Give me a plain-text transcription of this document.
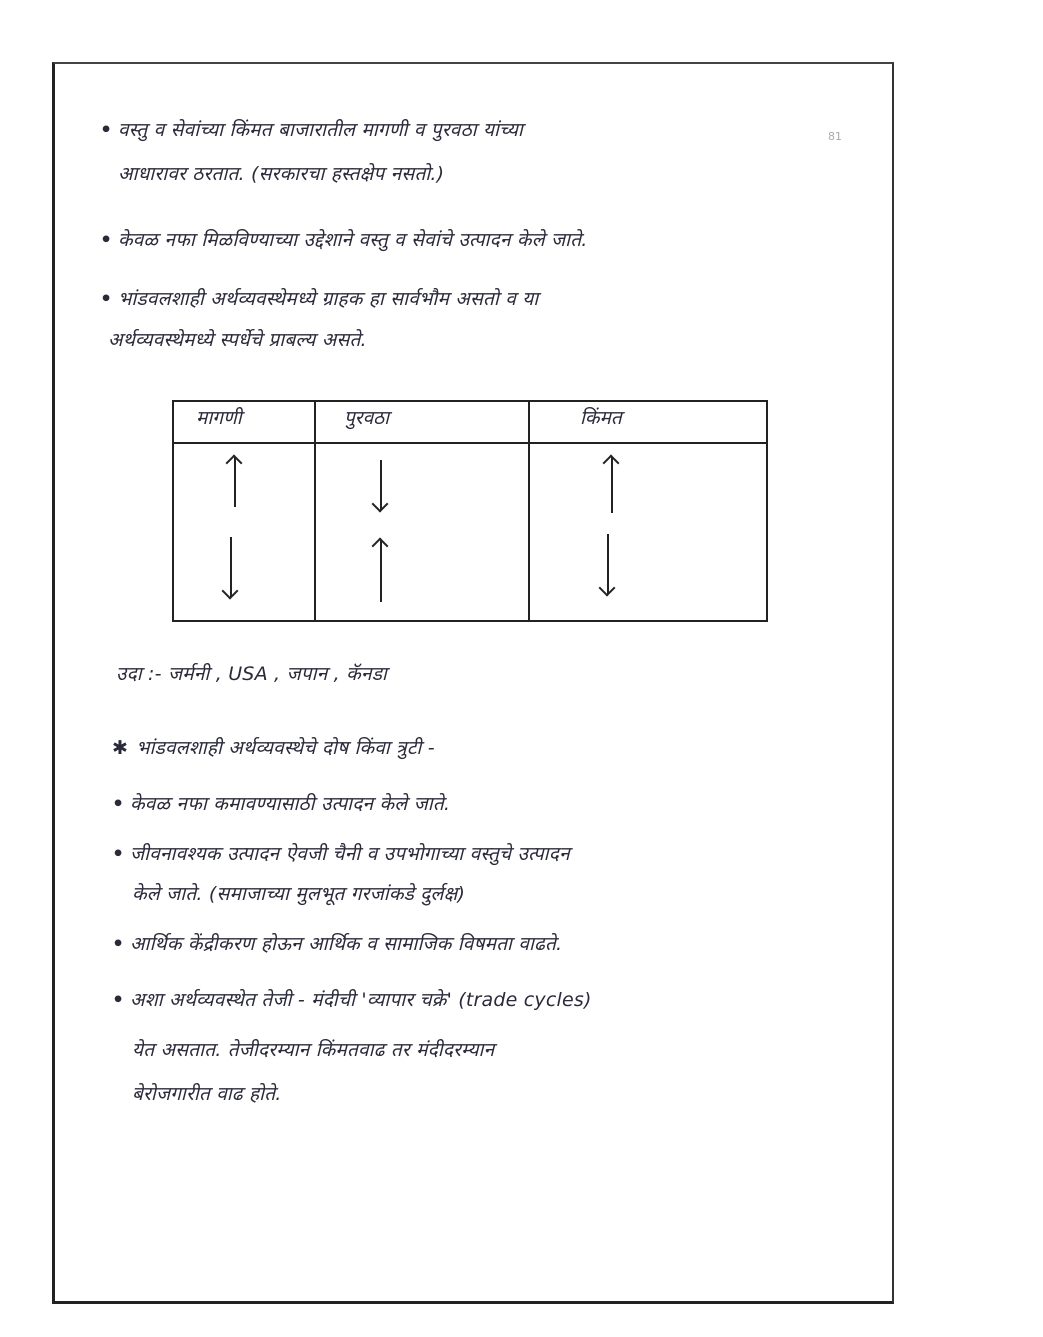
81
• वस्तु व सेवांच्या किंमत बाजारातील मागणी व पुरवठा यांच्या
आधारावर ठरतात. (सरकारचा हस्तक्षेप नसतो.)
• केवळ नफा मिळविण्याच्या उद्देशाने वस्तु व सेवांचे उत्पादन केले जाते.
• भांडवलशाही अर्थव्यवस्थेमध्ये ग्राहक हा सार्वभौम असतो व या
अर्थव्यवस्थेमध्ये स्पर्धेचे प्राबल्य असते.
मागणी	पुरवठा	किंमत
उदा :- जर्मनी , USA , जपान , कॅनडा
✱ भांडवलशाही अर्थव्यवस्थेचे दोष किंवा त्रुटी -
• केवळ नफा कमावण्यासाठी उत्पादन केले जाते.
• जीवनावश्यक उत्पादन ऐवजी चैनी व उपभोगाच्या वस्तुचे उत्पादन
केले जाते. (समाजाच्या मुलभूत गरजांकडे दुर्लक्ष)
• आर्थिक केंद्रीकरण होऊन आर्थिक व सामाजिक विषमता वाढते.
• अशा अर्थव्यवस्थेत तेजी - मंदीची 'व्यापार चक्रे' (trade cycles)
येत असतात. तेजीदरम्यान किंमतवाढ तर मंदीदरम्यान
बेरोजगारीत वाढ होते.
